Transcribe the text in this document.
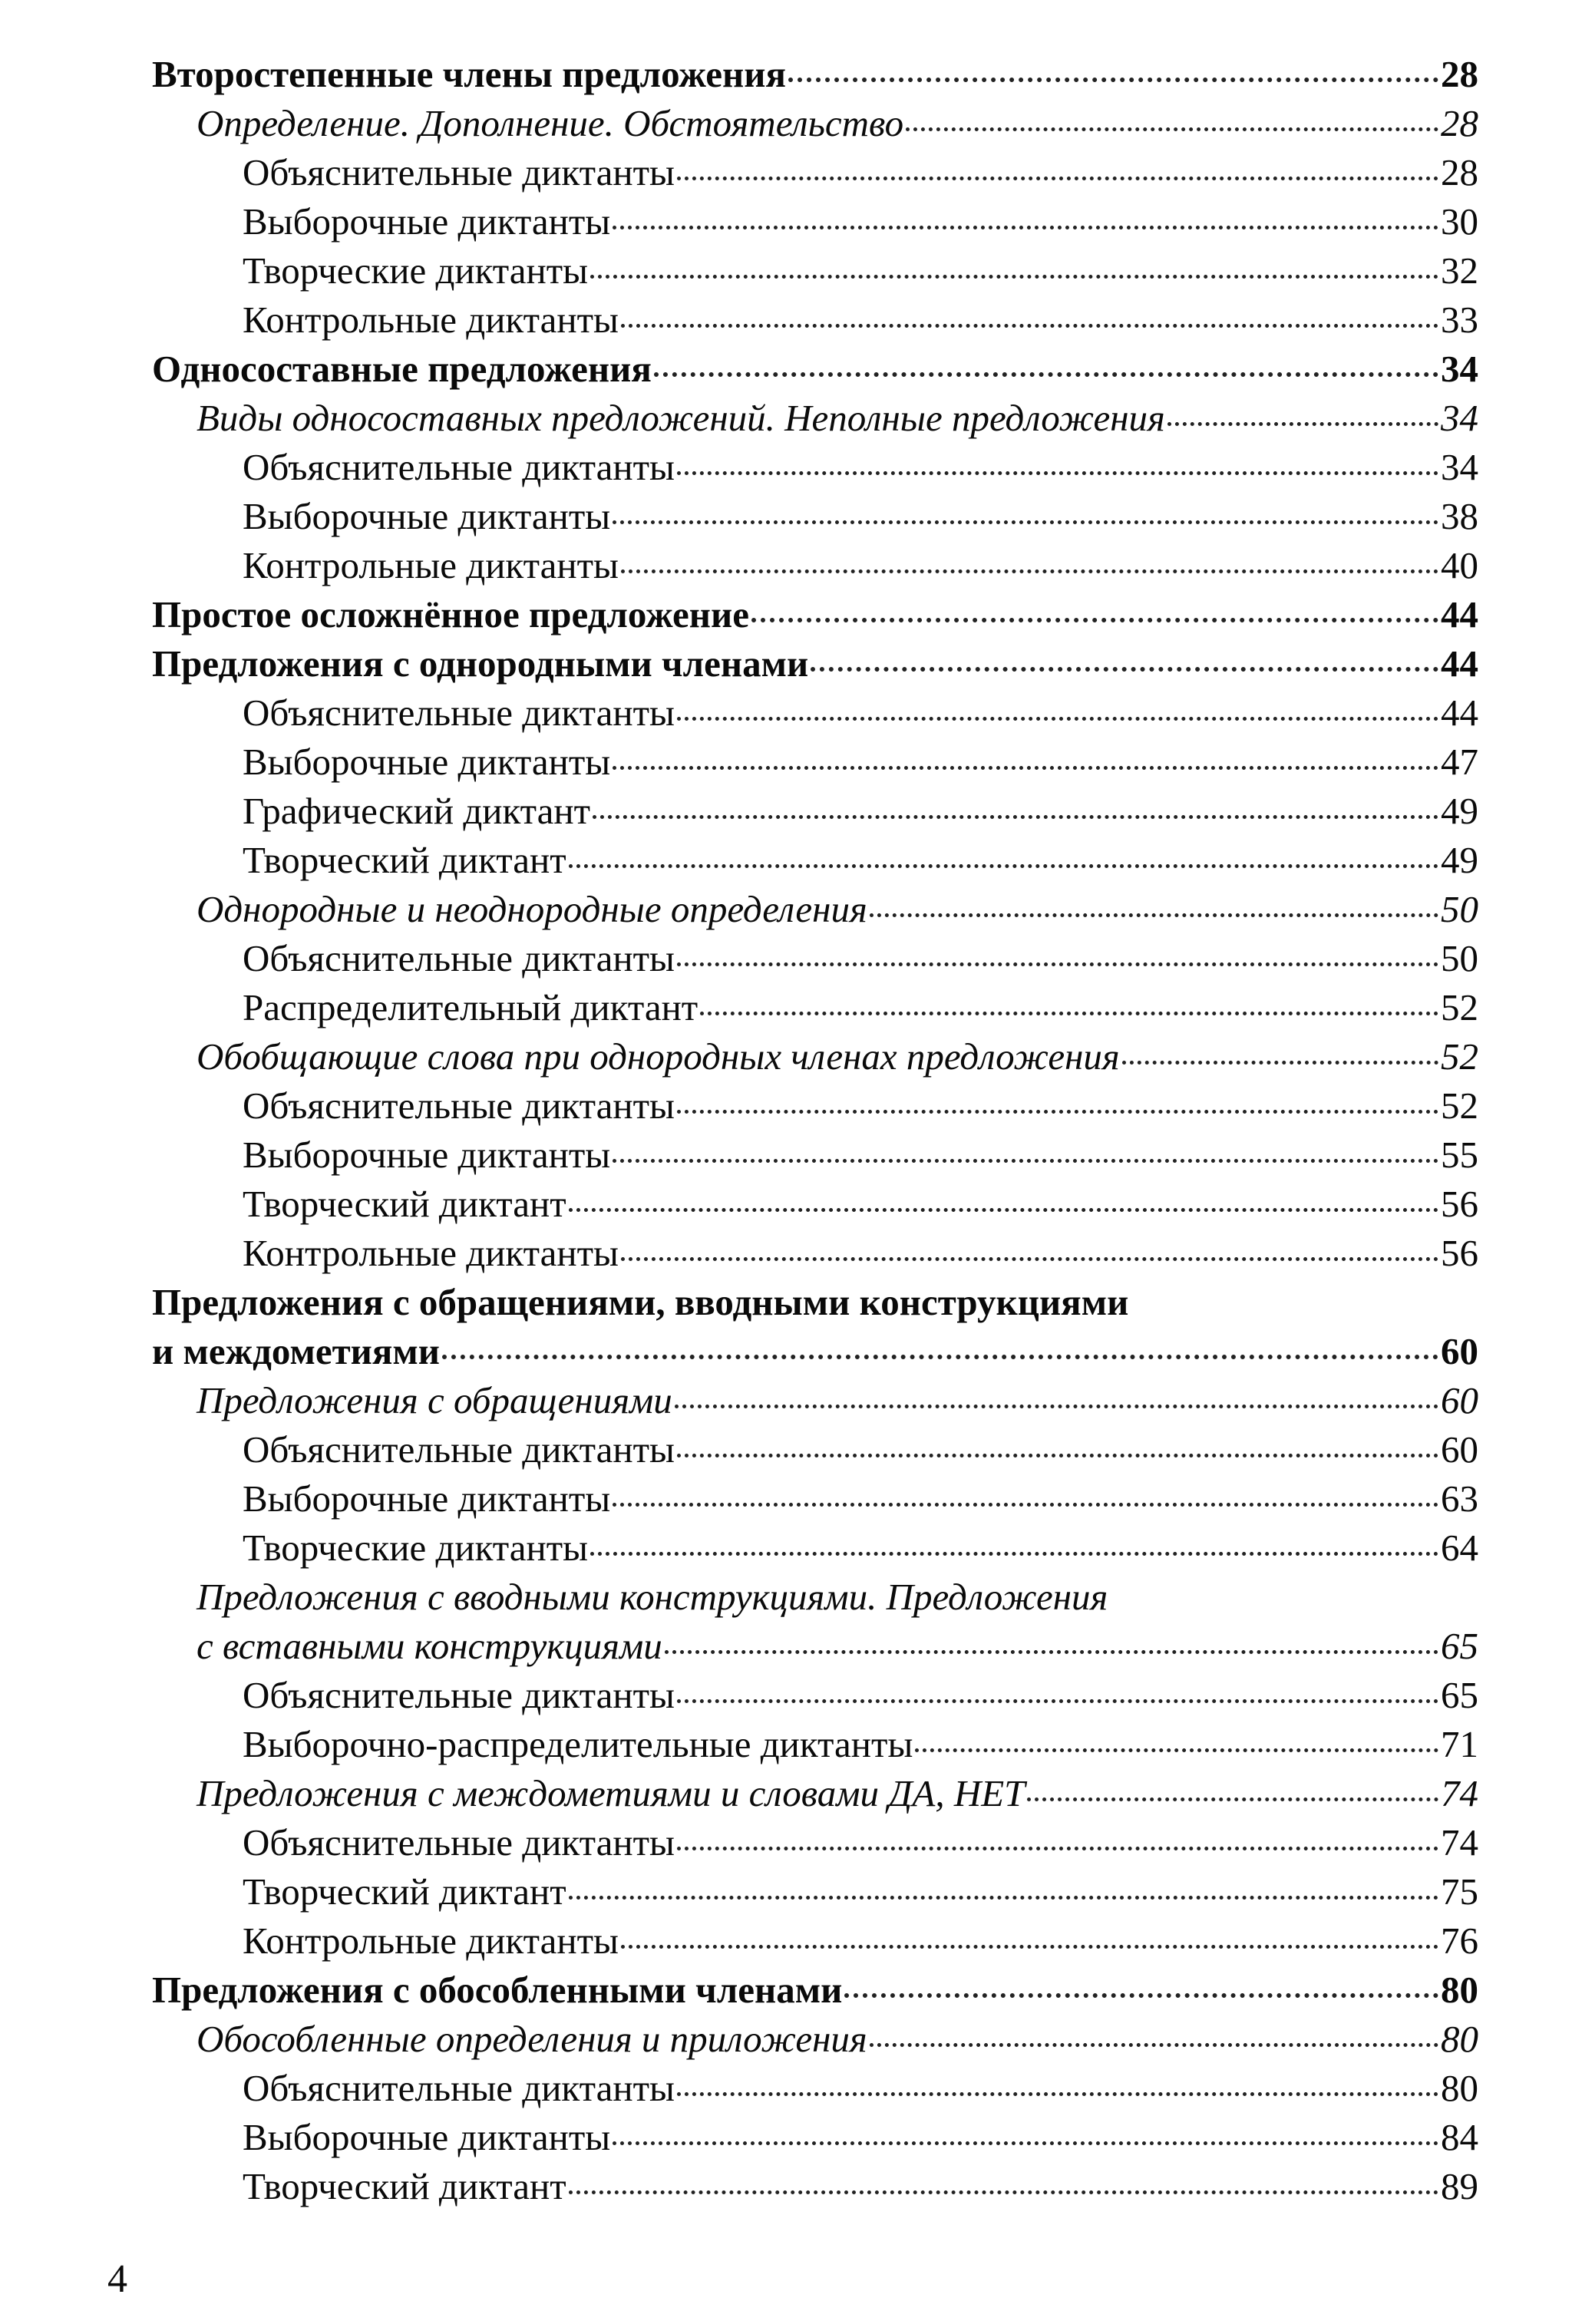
Второстепенные члены предложения	28
Определение. Дополнение. Обстоятельство	28
Объяснительные диктанты	28
Выборочные диктанты	30
Творческие диктанты	32
Контрольные диктанты	33
Односоставные предложения	34
Виды односоставных предложений. Неполные предложения	34
Объяснительные диктанты	34
Выборочные диктанты	38
Контрольные диктанты	40
Простое осложнённое предложение	44
Предложения с однородными членами	44
Объяснительные диктанты	44
Выборочные диктанты	47
Графический диктант	49
Творческий диктант	49
Однородные и неоднородные определения	50
Объяснительные диктанты	50
Распределительный диктант	52
Обобщающие слова при однородных членах предложения	52
Объяснительные диктанты	52
Выборочные диктанты	55
Творческий диктант	56
Контрольные диктанты	56
Предложения с обращениями, вводными конструкциями
и междометиями	60
Предложения с обращениями	60
Объяснительные диктанты	60
Выборочные диктанты	63
Творческие диктанты	64
Предложения с вводными конструкциями. Предложения
с вставными конструкциями	65
Объяснительные диктанты	65
Выборочно-распределительные диктанты	71
Предложения с междометиями и словами ДА, НЕТ	74
Объяснительные диктанты	74
Творческий диктант	75
Контрольные диктанты	76
Предложения с обособленными членами	80
Обособленные определения и приложения	80
Объяснительные диктанты	80
Выборочные диктанты	84
Творческий диктант	89
4
